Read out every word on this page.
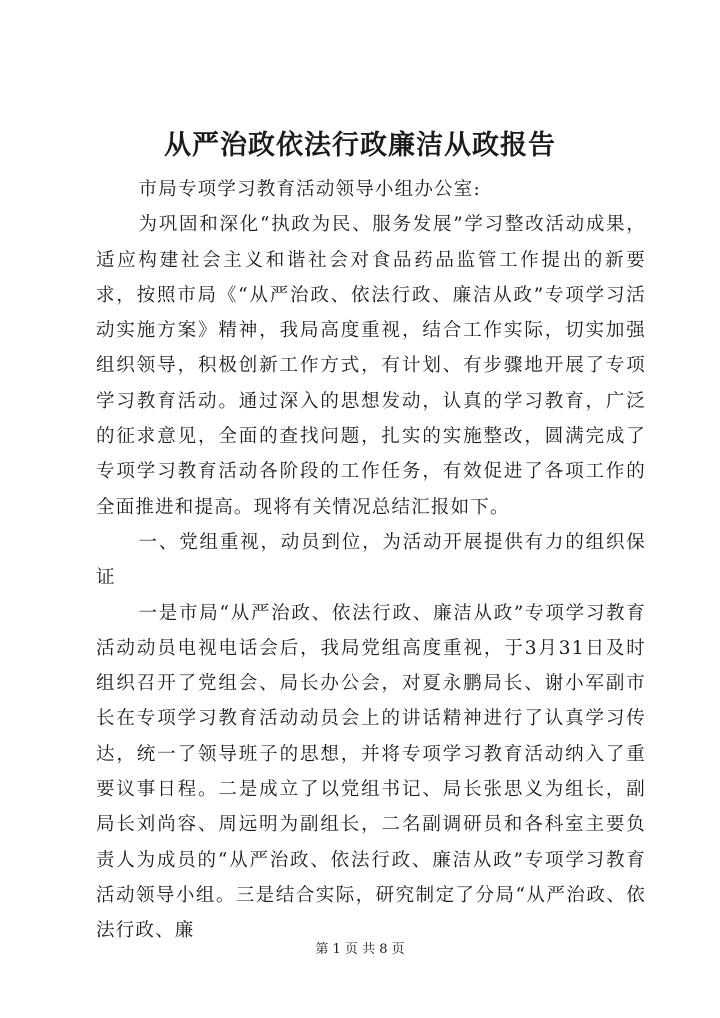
从严治政依法行政廉洁从政报告

市局专项学习教育活动领导小组办公室:

为巩固和深化“执政为民、服务发展”学习整改活动成果，适应构建社会主义和谐社会对食品药品监管工作提出的新要求，按照市局《“从严治政、依法行政、廉洁从政”专项学习活动实施方案》精神，我局高度重视，结合工作实际，切实加强组织领导，积极创新工作方式，有计划、有步骤地开展了专项学习教育活动。通过深入的思想发动，认真的学习教育，广泛的征求意见，全面的查找问题，扎实的实施整改，圆满完成了专项学习教育活动各阶段的工作任务，有效促进了各项工作的全面推进和提高。现将有关情况总结汇报如下。

一、党组重视，动员到位，为活动开展提供有力的组织保证

一是市局“从严治政、依法行政、廉洁从政”专项学习教育活动动员电视电话会后，我局党组高度重视，于3月31日及时组织召开了党组会、局长办公会，对夏永鹏局长、谢小军副市长在专项学习教育活动动员会上的讲话精神进行了认真学习传达，统一了领导班子的思想，并将专项学习教育活动纳入了重要议事日程。二是成立了以党组书记、局长张思义为组长，副局长刘尚容、周远明为副组长，二名副调研员和各科室主要负责人为成员的“从严治政、依法行政、廉洁从政”专项学习教育活动领导小组。三是结合实际，研究制定了分局“从严治政、依法行政、廉

第 1 页 共 8 页
